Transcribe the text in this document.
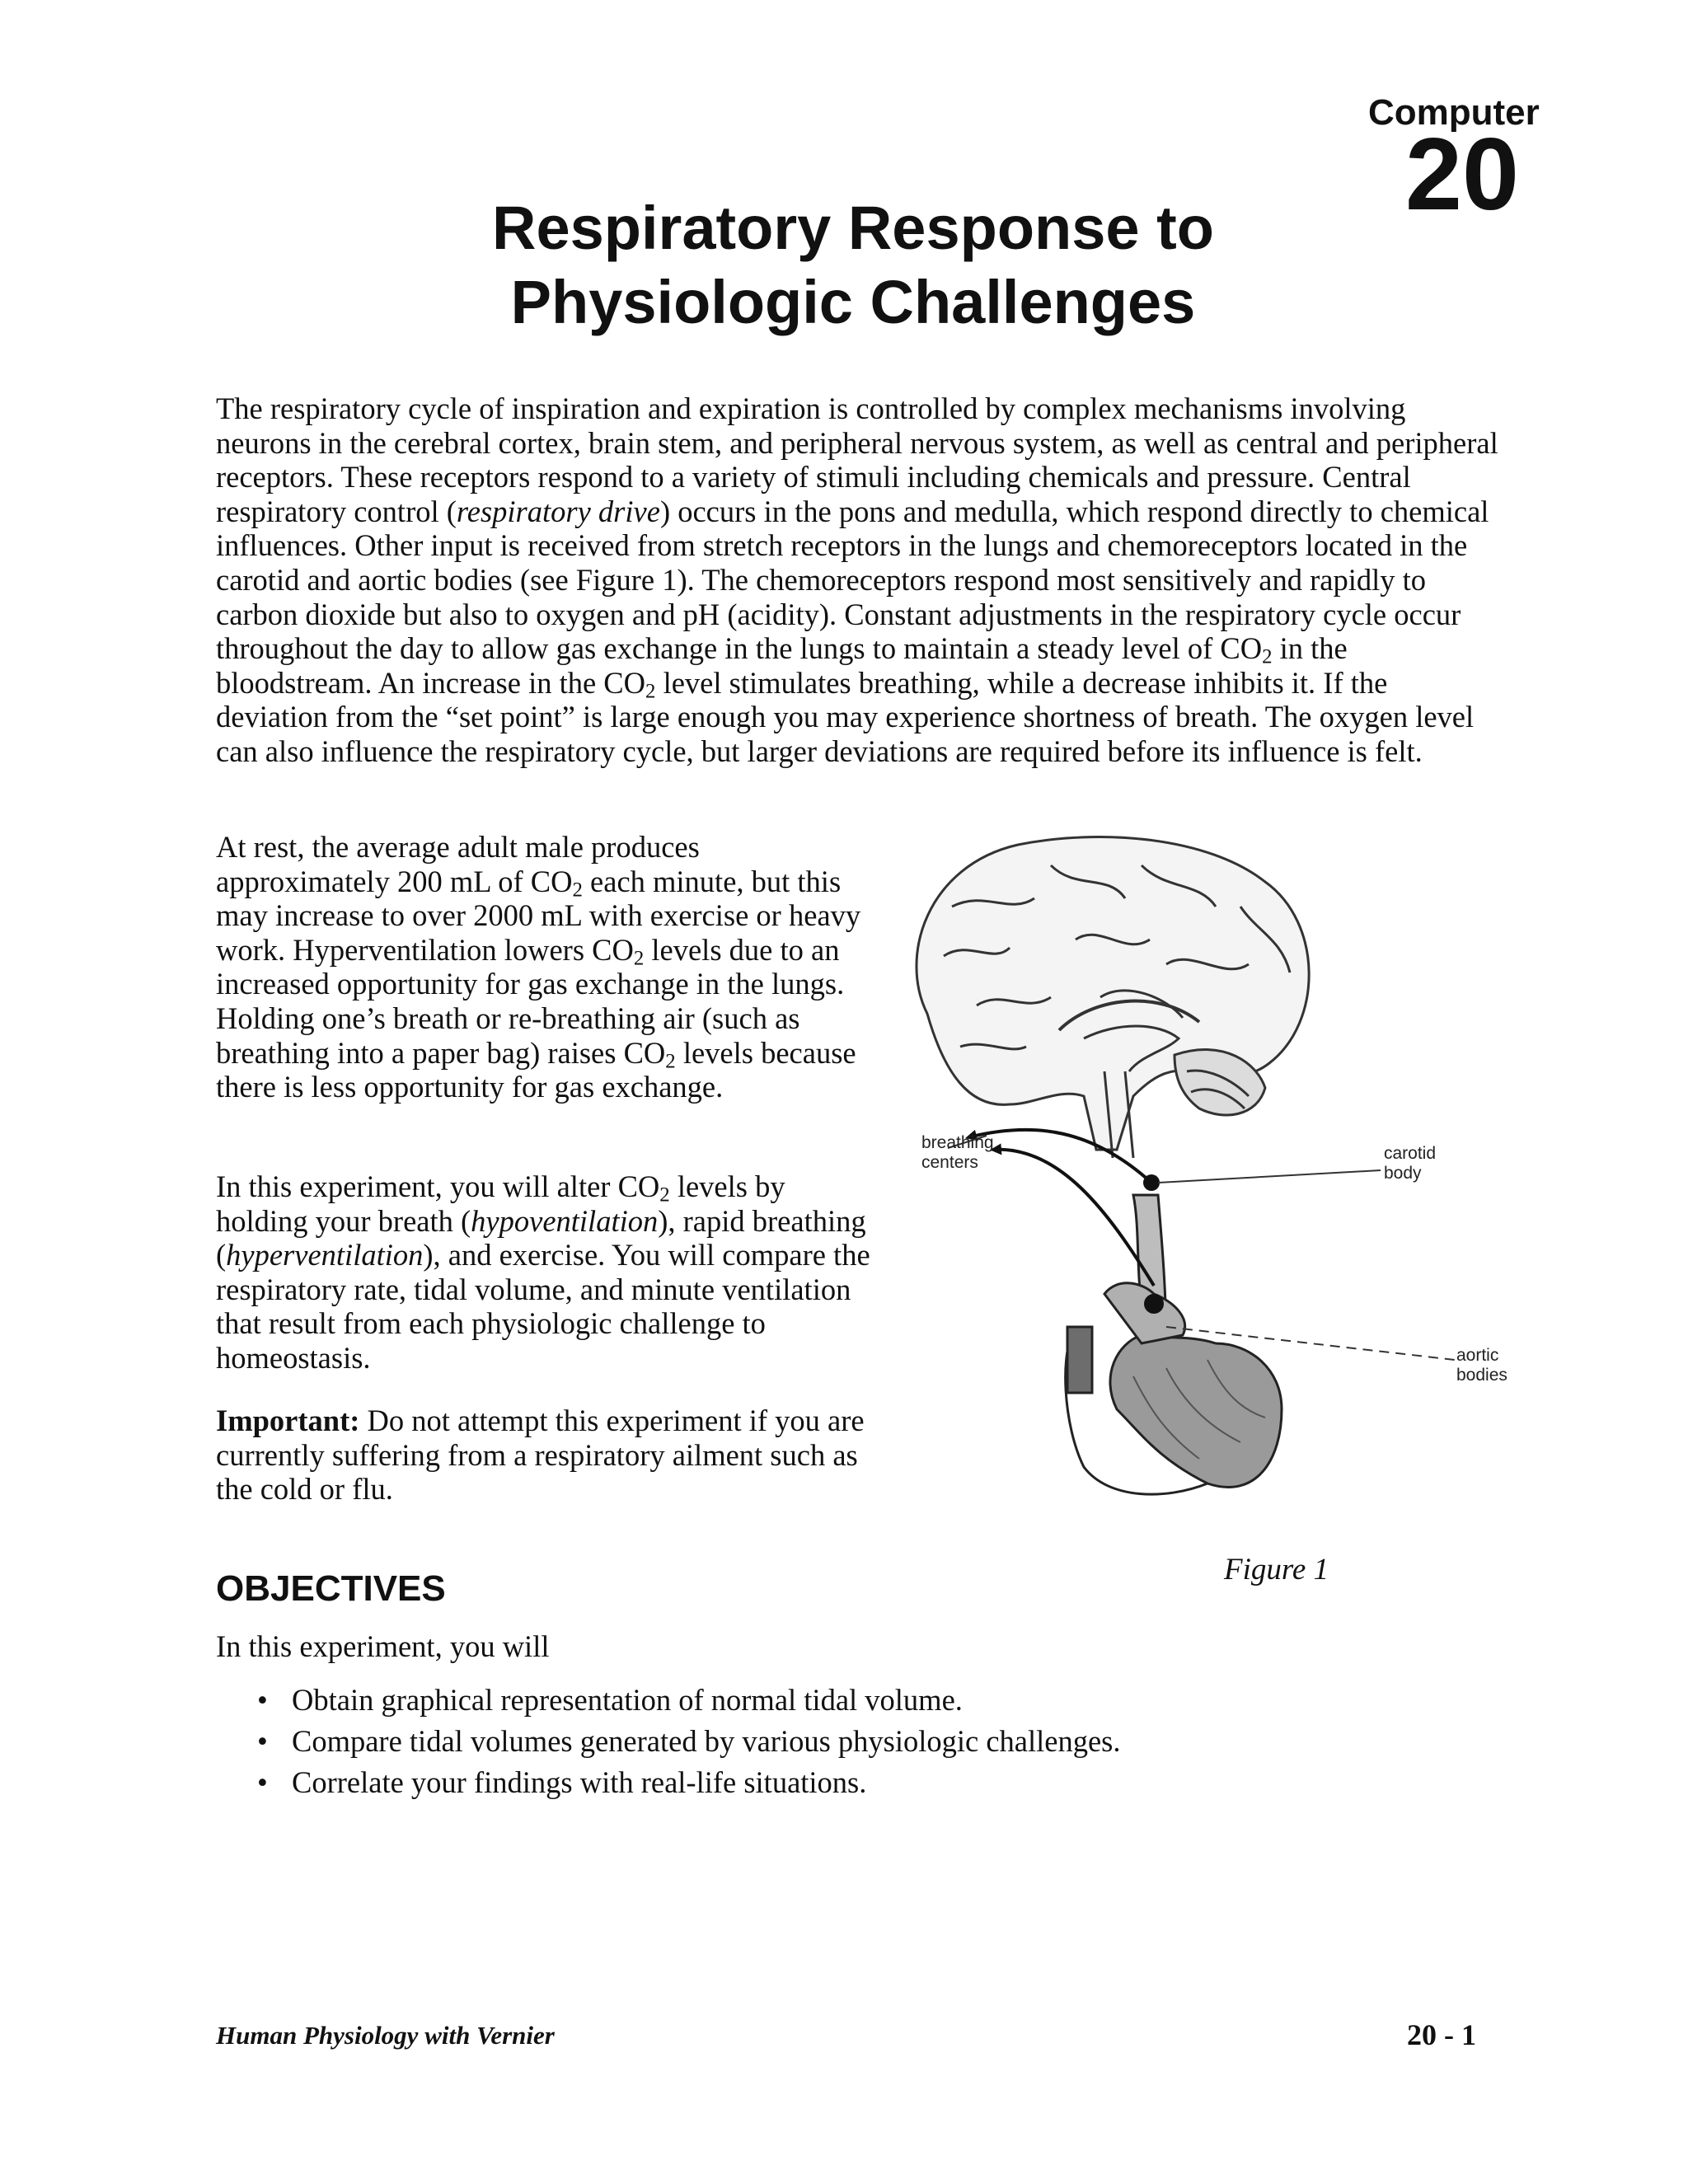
Computer
20
Respiratory Response to
Physiologic Challenges

The respiratory cycle of inspiration and expiration is controlled by complex mechanisms involving neurons in the cerebral cortex, brain stem, and peripheral nervous system, as well as central and peripheral receptors. These receptors respond to a variety of stimuli including chemicals and pressure. Central respiratory control (respiratory drive) occurs in the pons and medulla, which respond directly to chemical influences. Other input is received from stretch receptors in the lungs and chemoreceptors located in the carotid and aortic bodies (see Figure 1). The chemoreceptors respond most sensitively and rapidly to carbon dioxide but also to oxygen and pH (acidity). Constant adjustments in the respiratory cycle occur throughout the day to allow gas exchange in the lungs to maintain a steady level of $CO_2$ in the bloodstream. An increase in the $CO_2$ level stimulates breathing, while a decrease inhibits it. If the deviation from the “set point” is large enough you may experience shortness of breath. The oxygen level can also influence the respiratory cycle, but larger deviations are required before its influence is felt.

At rest, the average adult male produces approximately 200 mL of $CO_2$ each minute, but this may increase to over 2000 mL with exercise or heavy work. Hyperventilation lowers $CO_2$ levels due to an increased opportunity for gas exchange in the lungs. Holding one’s breath or re-breathing air (such as breathing into a paper bag) raises $CO_2$ levels because there is less opportunity for gas exchange.

In this experiment, you will alter $CO_2$ levels by holding your breath (hypoventilation), rapid breathing (hyperventilation), and exercise. You will compare the respiratory rate, tidal volume, and minute ventilation that result from each physiologic challenge to homeostasis.

Important: Do not attempt this experiment if you are currently suffering from a respiratory ailment such as the cold or flu.

breathing
centers	carotid
body
aortic
bodies
Figure 1
OBJECTIVES
In this experiment, you will
• Obtain graphical representation of normal tidal volume.
• Compare tidal volumes generated by various physiologic challenges.
• Correlate your findings with real-life situations.
Human Physiology with Vernier	20 - 1
